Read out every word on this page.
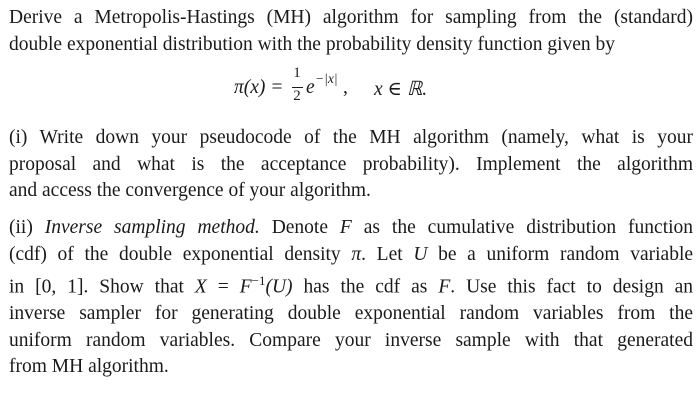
Derive a Metropolis-Hastings (MH) algorithm for sampling from the (standard)
double exponential distribution with the probability density function given by

π(x) =
1
2 e −|x| , x ∈ ℝ.

(i) Write down your pseudocode of the MH algorithm (namely, what is your
proposal and what is the acceptance probability). Implement the algorithm
and access the convergence of your algorithm.

(ii) Inverse sampling method. Denote F as the cumulative distribution function
(cdf) of the double exponential density π. Let U be a uniform random variable
in [0, 1]. Show that $X = F^{-1}(U)$ has the cdf as F. Use this fact to design an
inverse sampler for generating double exponential random variables from the
uniform random variables. Compare your inverse sample with that generated
from MH algorithm.
